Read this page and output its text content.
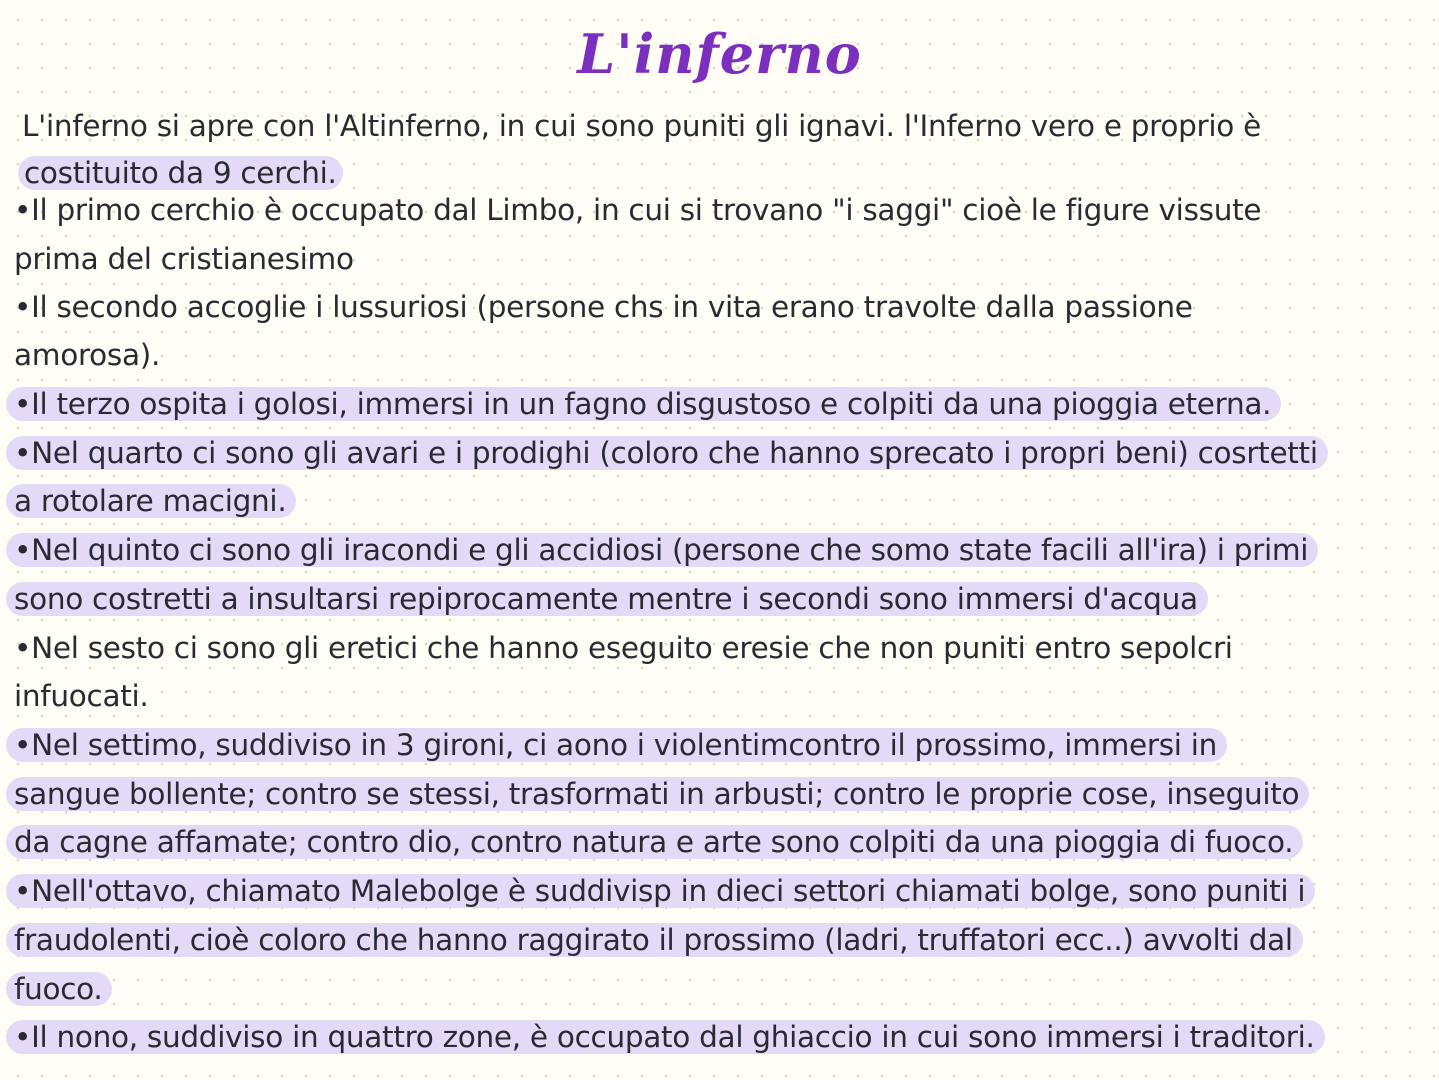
L'inferno
L'inferno si apre con l'Altinferno, in cui sono puniti gli ignavi. l'Inferno vero e proprio è
costituito da 9 cerchi.
•Il primo cerchio è occupato dal Limbo, in cui si trovano "i saggi" cioè le figure vissute
prima del cristianesimo
•Il secondo accoglie i lussuriosi (persone chs in vita erano travolte dalla passione
amorosa).
•Il terzo ospita i golosi, immersi in un fagno disgustoso e colpiti da una pioggia eterna.
•Nel quarto ci sono gli avari e i prodighi (coloro che hanno sprecato i propri beni) cosrtetti
a rotolare macigni.
•Nel quinto ci sono gli iracondi e gli accidiosi (persone che somo state facili all'ira) i primi
sono costretti a insultarsi repiprocamente mentre i secondi sono immersi d'acqua
•Nel sesto ci sono gli eretici che hanno eseguito eresie che non puniti entro sepolcri
infuocati.
•Nel settimo, suddiviso in 3 gironi, ci aono i violentimcontro il prossimo, immersi in
sangue bollente; contro se stessi, trasformati in arbusti; contro le proprie cose, inseguito
da cagne affamate; contro dio, contro natura e arte sono colpiti da una pioggia di fuoco.
•Nell'ottavo, chiamato Malebolge è suddivisp in dieci settori chiamati bolge, sono puniti i
fraudolenti, cioè coloro che hanno raggirato il prossimo (ladri, truffatori ecc..) avvolti dal
fuoco.
•Il nono, suddiviso in quattro zone, è occupato dal ghiaccio in cui sono immersi i traditori.
